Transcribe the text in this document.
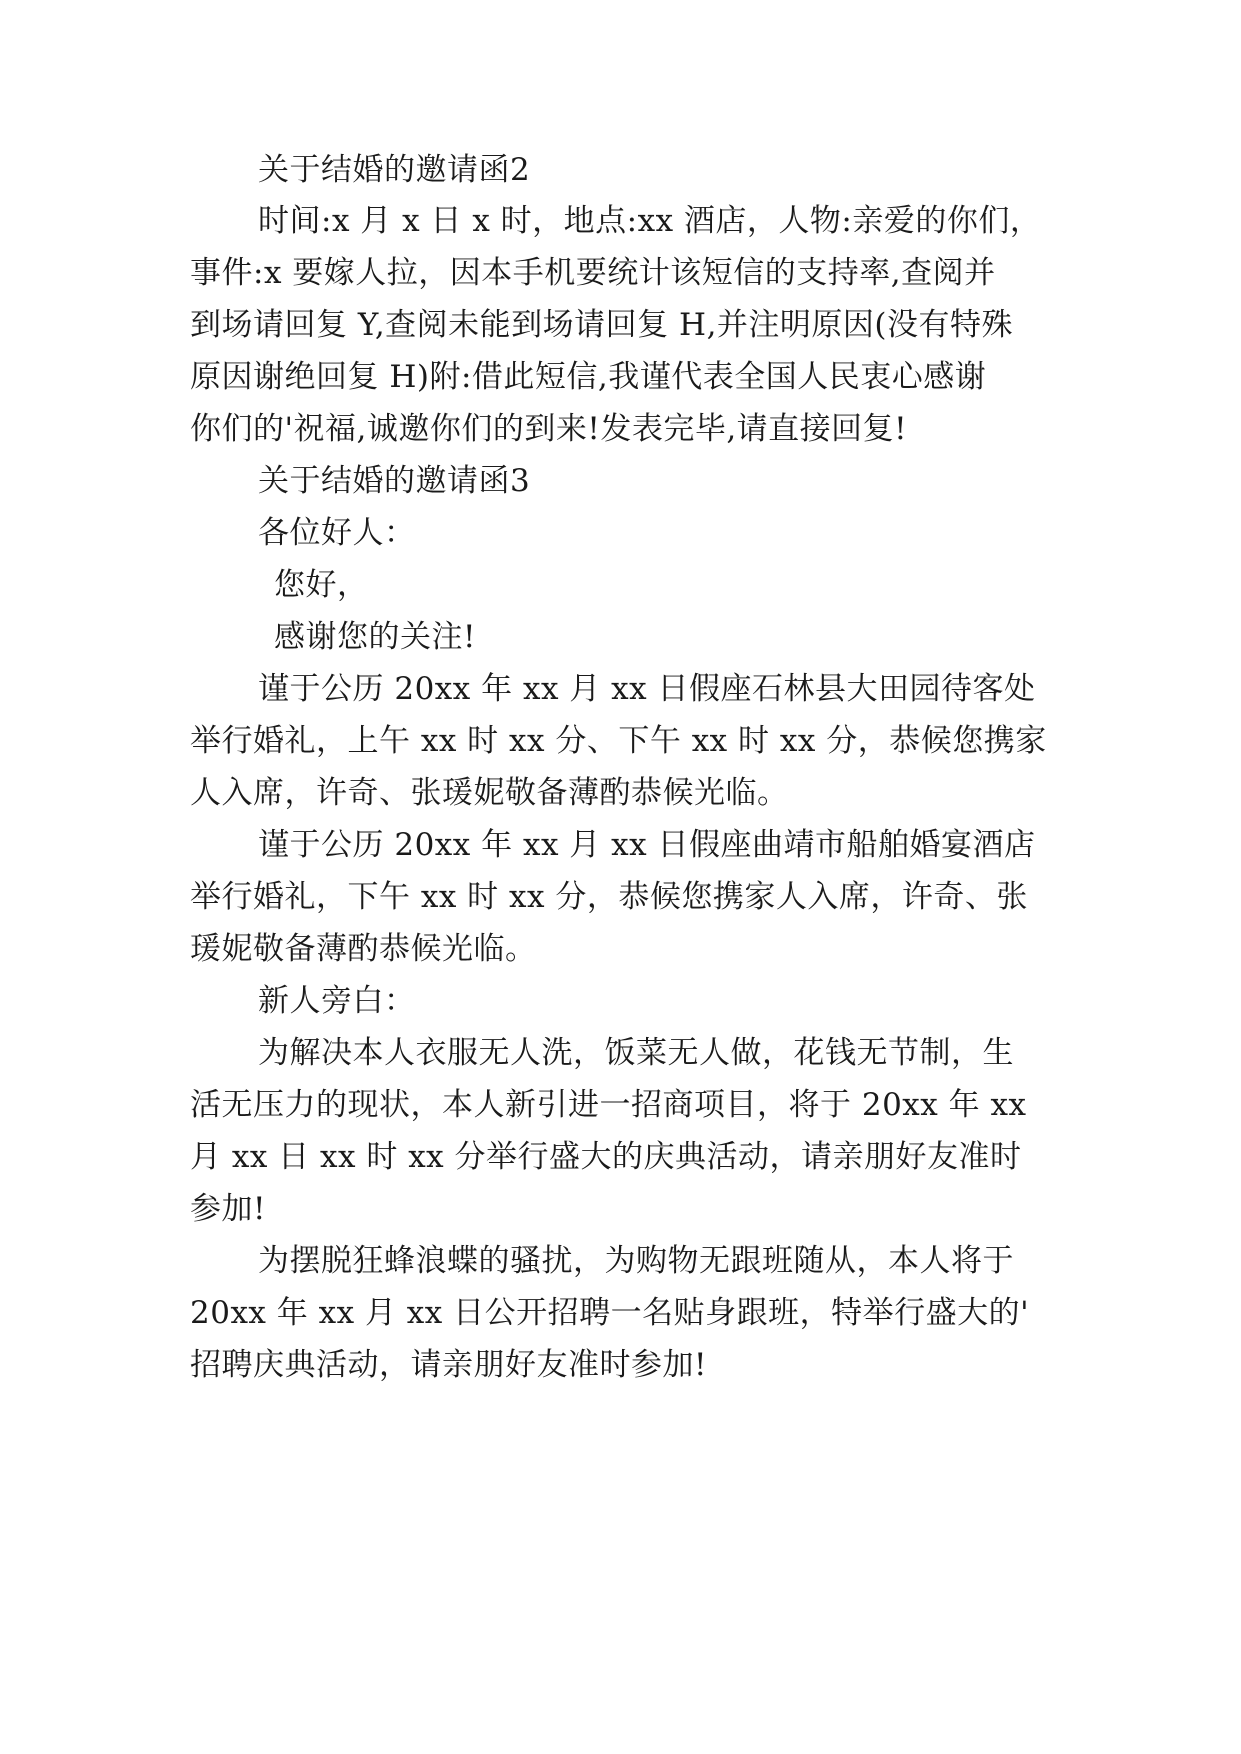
关于结婚的邀请函2
时间:x 月 x 日 x 时，地点:xx 酒店，人物:亲爱的你们，
事件:x 要嫁人拉，因本手机要统计该短信的支持率,查阅并
到场请回复 Y,查阅未能到场请回复 H,并注明原因(没有特殊
原因谢绝回复 H)附:借此短信,我谨代表全国人民衷心感谢
你们的'祝福,诚邀你们的到来!发表完毕,请直接回复!
关于结婚的邀请函3
各位好人：
您好，
感谢您的关注!
谨于公历 20xx 年 xx 月 xx 日假座石林县大田园待客处
举行婚礼，上午 xx 时 xx 分、下午 xx 时 xx 分，恭候您携家
人入席，许奇、张瑗妮敬备薄酌恭候光临。
谨于公历 20xx 年 xx 月 xx 日假座曲靖市船舶婚宴酒店
举行婚礼，下午 xx 时 xx 分，恭候您携家人入席，许奇、张
瑗妮敬备薄酌恭候光临。
新人旁白：
为解决本人衣服无人洗，饭菜无人做，花钱无节制，生
活无压力的现状，本人新引进一招商项目，将于 20xx 年 xx
月 xx 日 xx 时 xx 分举行盛大的庆典活动，请亲朋好友准时
参加!
为摆脱狂蜂浪蝶的骚扰，为购物无跟班随从，本人将于
20xx 年 xx 月 xx 日公开招聘一名贴身跟班，特举行盛大的'
招聘庆典活动，请亲朋好友准时参加!
